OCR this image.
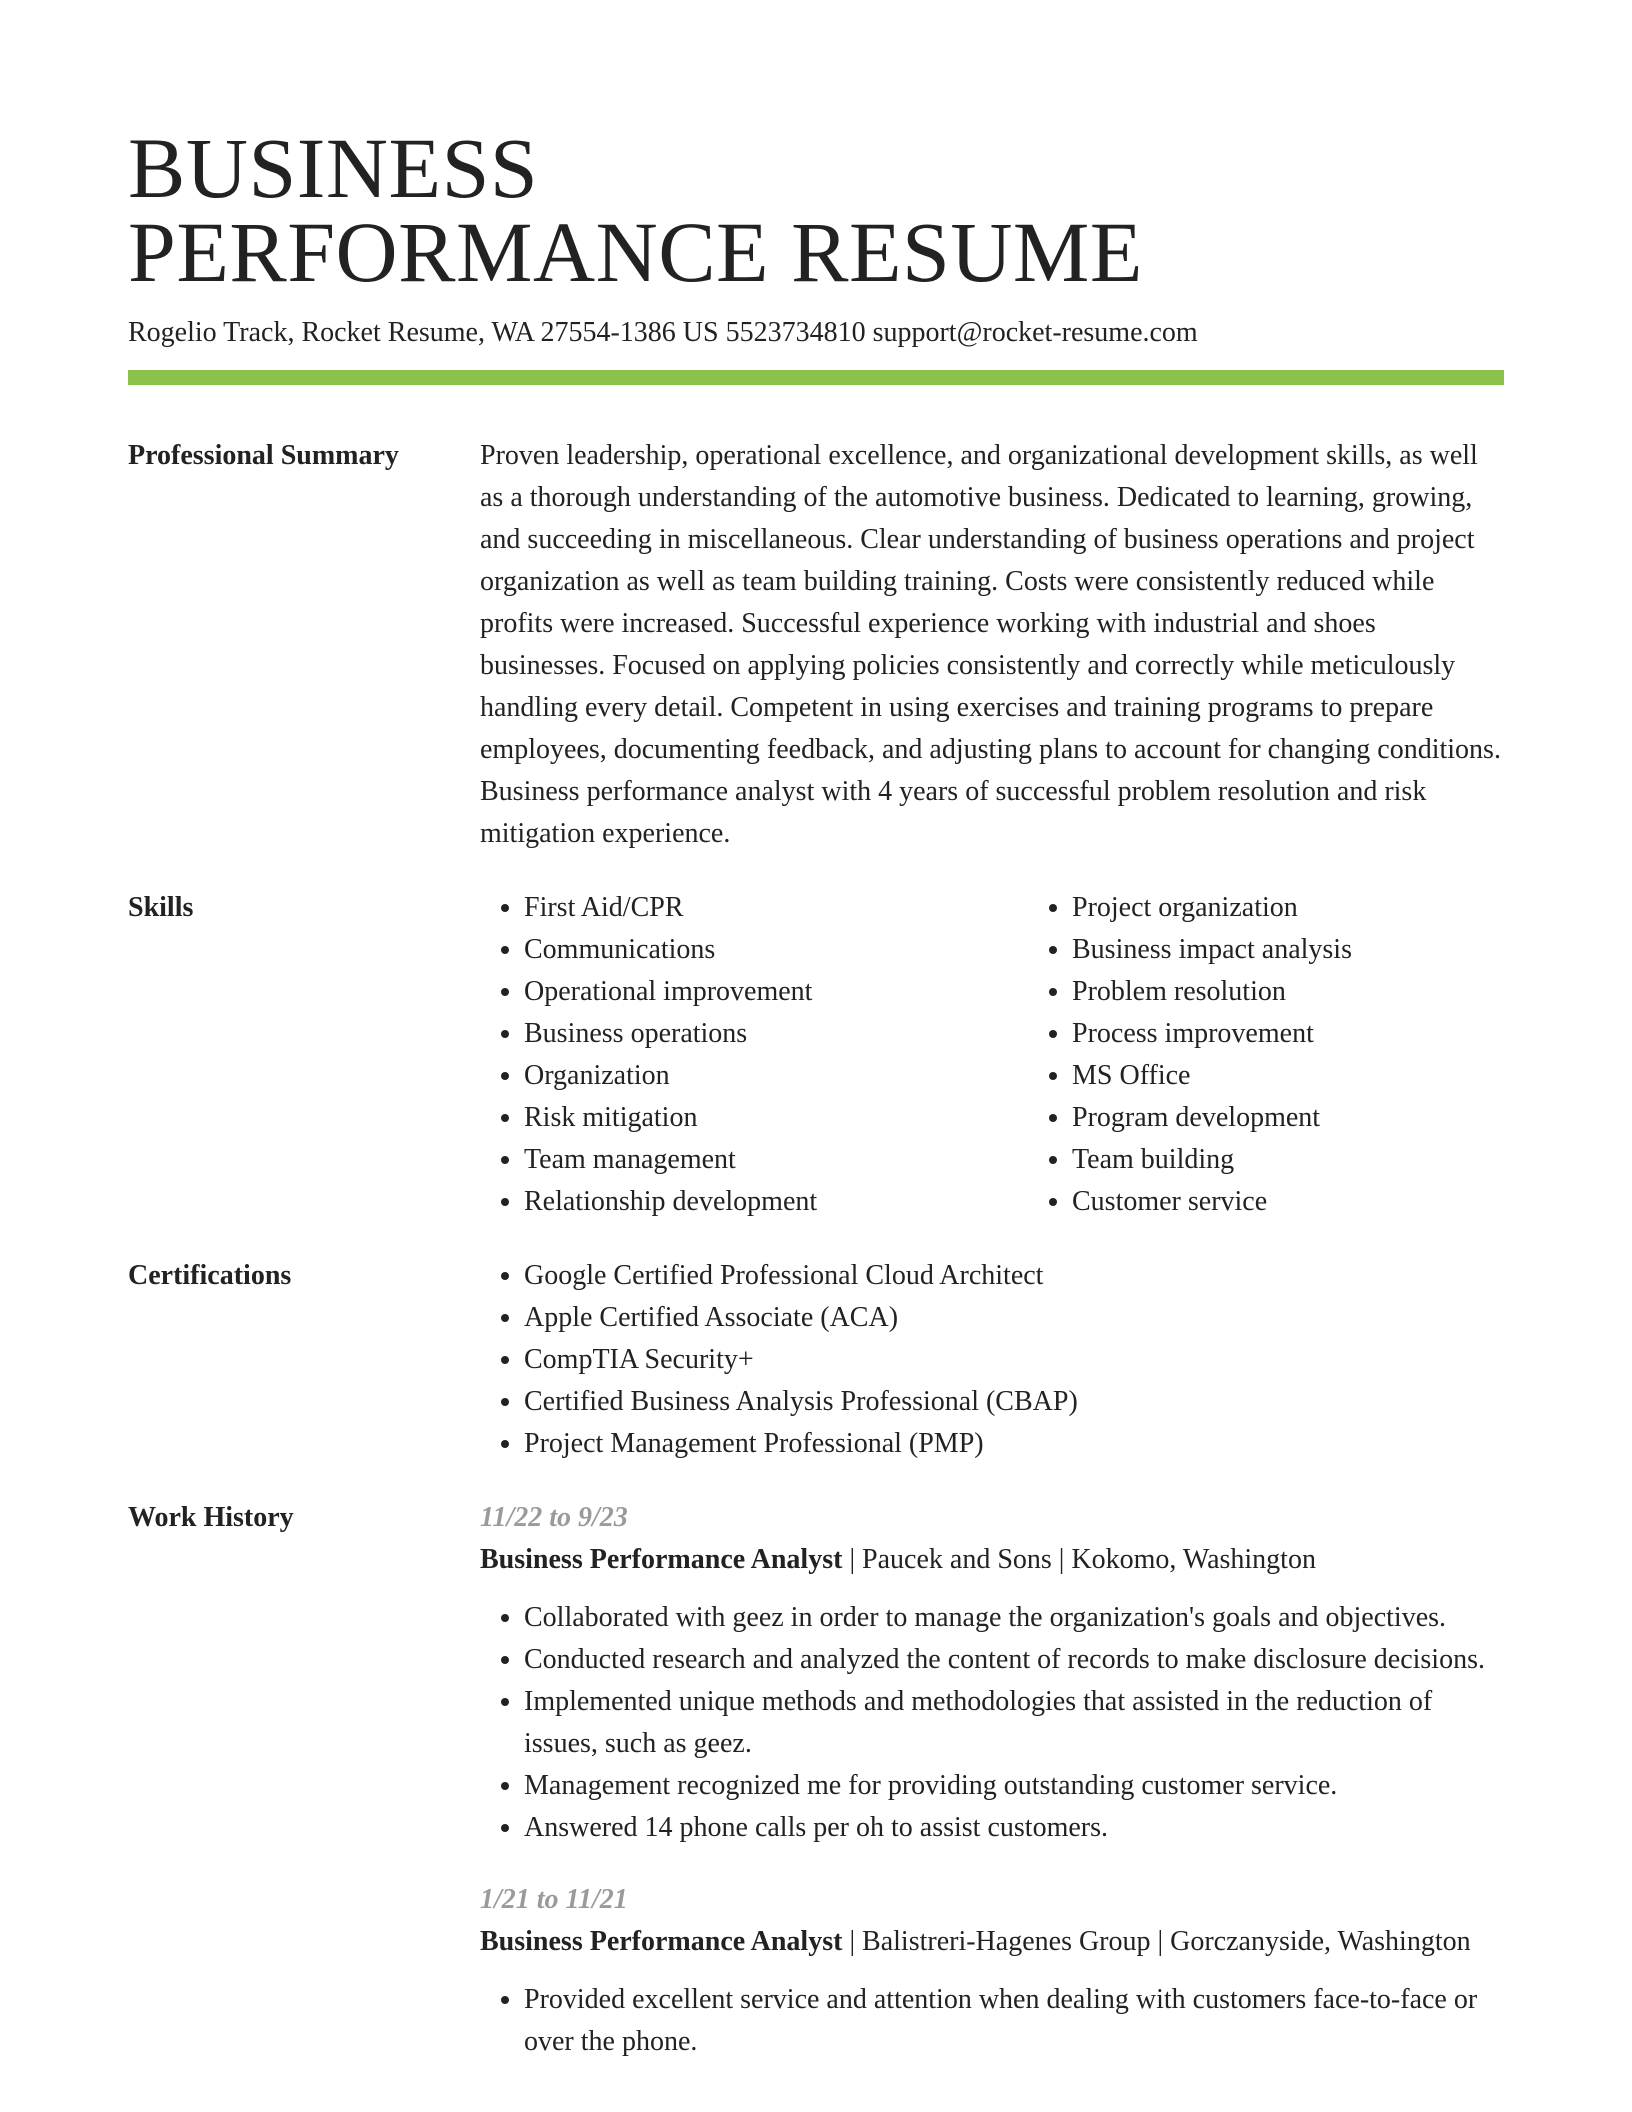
BUSINESS
PERFORMANCE RESUME
Rogelio Track, Rocket Resume, WA 27554-1386 US 5523734810 support@rocket-resume.com
Professional Summary	Proven leadership, operational excellence, and organizational development skills, as well as a thorough understanding of the automotive business. Dedicated to learning, growing, and succeeding in miscellaneous. Clear understanding of business operations and project organization as well as team building training. Costs were consistently reduced while profits were increased. Successful experience working with industrial and shoes businesses. Focused on applying policies consistently and correctly while meticulously handling every detail. Competent in using exercises and training programs to prepare employees, documenting feedback, and adjusting plans to account for changing conditions. Business performance analyst with 4 years of successful problem resolution and risk mitigation experience.

Skills	• First Aid/CPR
• Communications
• Operational improvement
• Business operations
• Organization
• Risk mitigation
• Team management
• Relationship development
• Project organization
• Business impact analysis
• Problem resolution
• Process improvement
• MS Office
• Program development
• Team building
• Customer service
Certifications	• Google Certified Professional Cloud Architect
• Apple Certified Associate (ACA)
• CompTIA Security+
• Certified Business Analysis Professional (CBAP)
• Project Management Professional (PMP)
Work History	11/22 to 9/23
Business Performance Analyst | Paucek and Sons | Kokomo, Washington
• Collaborated with geez in order to manage the organization's goals and objectives.
• Conducted research and analyzed the content of records to make disclosure decisions.
• Implemented unique methods and methodologies that assisted in the reduction of issues, such as geez.
• Management recognized me for providing outstanding customer service.
• Answered 14 phone calls per oh to assist customers.
1/21 to 11/21
Business Performance Analyst | Balistreri-Hagenes Group | Gorczanyside, Washington
• Provided excellent service and attention when dealing with customers face-to-face or over the phone.
